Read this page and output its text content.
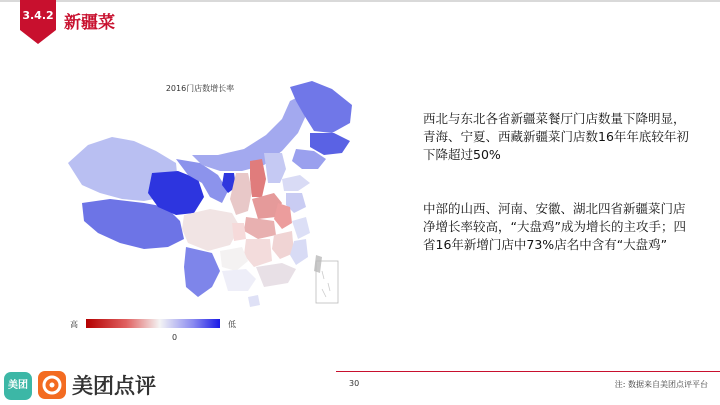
3.4.2 新疆菜
2016门店数增长率
高	低
0

西北与东北各省新疆菜餐厅门店数量下降明显，青海、宁夏、西藏新疆菜门店数16年年底较年初下降超过50%

中部的山西、河南、安徽、湖北四省新疆菜门店净增长率较高，“大盘鸡”成为增长的主攻手；四省16年新增门店中73%店名中含有“大盘鸡”

美团 美团点评	30	注: 数据来自美团点评平台
